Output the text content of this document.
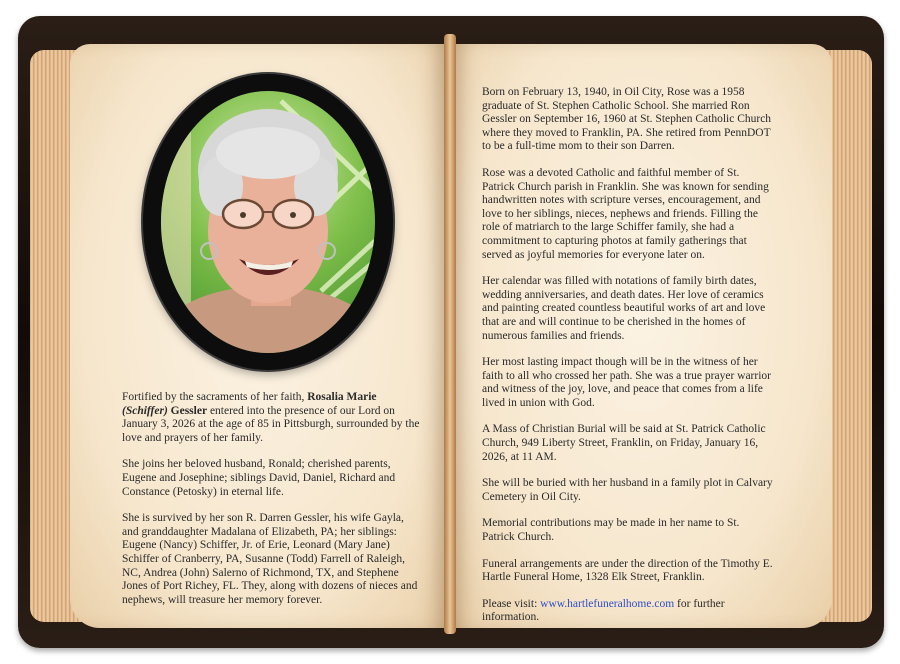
Fortified by the sacraments of her faith, Rosalia Marie (Schiffer) Gessler entered into the presence of our Lord on January 3, 2026 at the age of 85 in Pittsburgh, surrounded by the love and prayers of her family.

She joins her beloved husband, Ronald; cherished parents, Eugene and Josephine; siblings David, Daniel, Richard and Constance (Petosky) in eternal life.

She is survived by her son R. Darren Gessler, his wife Gayla, and granddaughter Madalana of Elizabeth, PA; her siblings: Eugene (Nancy) Schiffer, Jr. of Erie, Leonard (Mary Jane) Schiffer of Cranberry, PA, Susanne (Todd) Farrell of Raleigh, NC, Andrea (John) Salerno of Richmond, TX, and Stephene Jones of Port Richey, FL. They, along with dozens of nieces and nephews, will treasure her memory forever.

Born on February 13, 1940, in Oil City, Rose was a 1958 graduate of St. Stephen Catholic School. She married Ron Gessler on September 16, 1960 at St. Stephen Catholic Church where they moved to Franklin, PA. She retired from PennDOT to be a full-time mom to their son Darren.

Rose was a devoted Catholic and faithful member of St. Patrick Church parish in Franklin. She was known for sending handwritten notes with scripture verses, encouragement, and love to her siblings, nieces, nephews and friends. Filling the role of matriarch to the large Schiffer family, she had a commitment to capturing photos at family gatherings that served as joyful memories for everyone later on.

Her calendar was filled with notations of family birth dates, wedding anniversaries, and death dates. Her love of ceramics and painting created countless beautiful works of art and love that are and will continue to be cherished in the homes of numerous families and friends.

Her most lasting impact though will be in the witness of her faith to all who crossed her path. She was a true prayer warrior and witness of the joy, love, and peace that comes from a life lived in union with God.

A Mass of Christian Burial will be said at St. Patrick Catholic Church, 949 Liberty Street, Franklin, on Friday, January 16, 2026, at 11 AM.

She will be buried with her husband in a family plot in Calvary Cemetery in Oil City.

Memorial contributions may be made in her name to St. Patrick Church.

Funeral arrangements are under the direction of the Timothy E. Hartle Funeral Home, 1328 Elk Street, Franklin.

Please visit: www.hartlefuneralhome.com for further information.
